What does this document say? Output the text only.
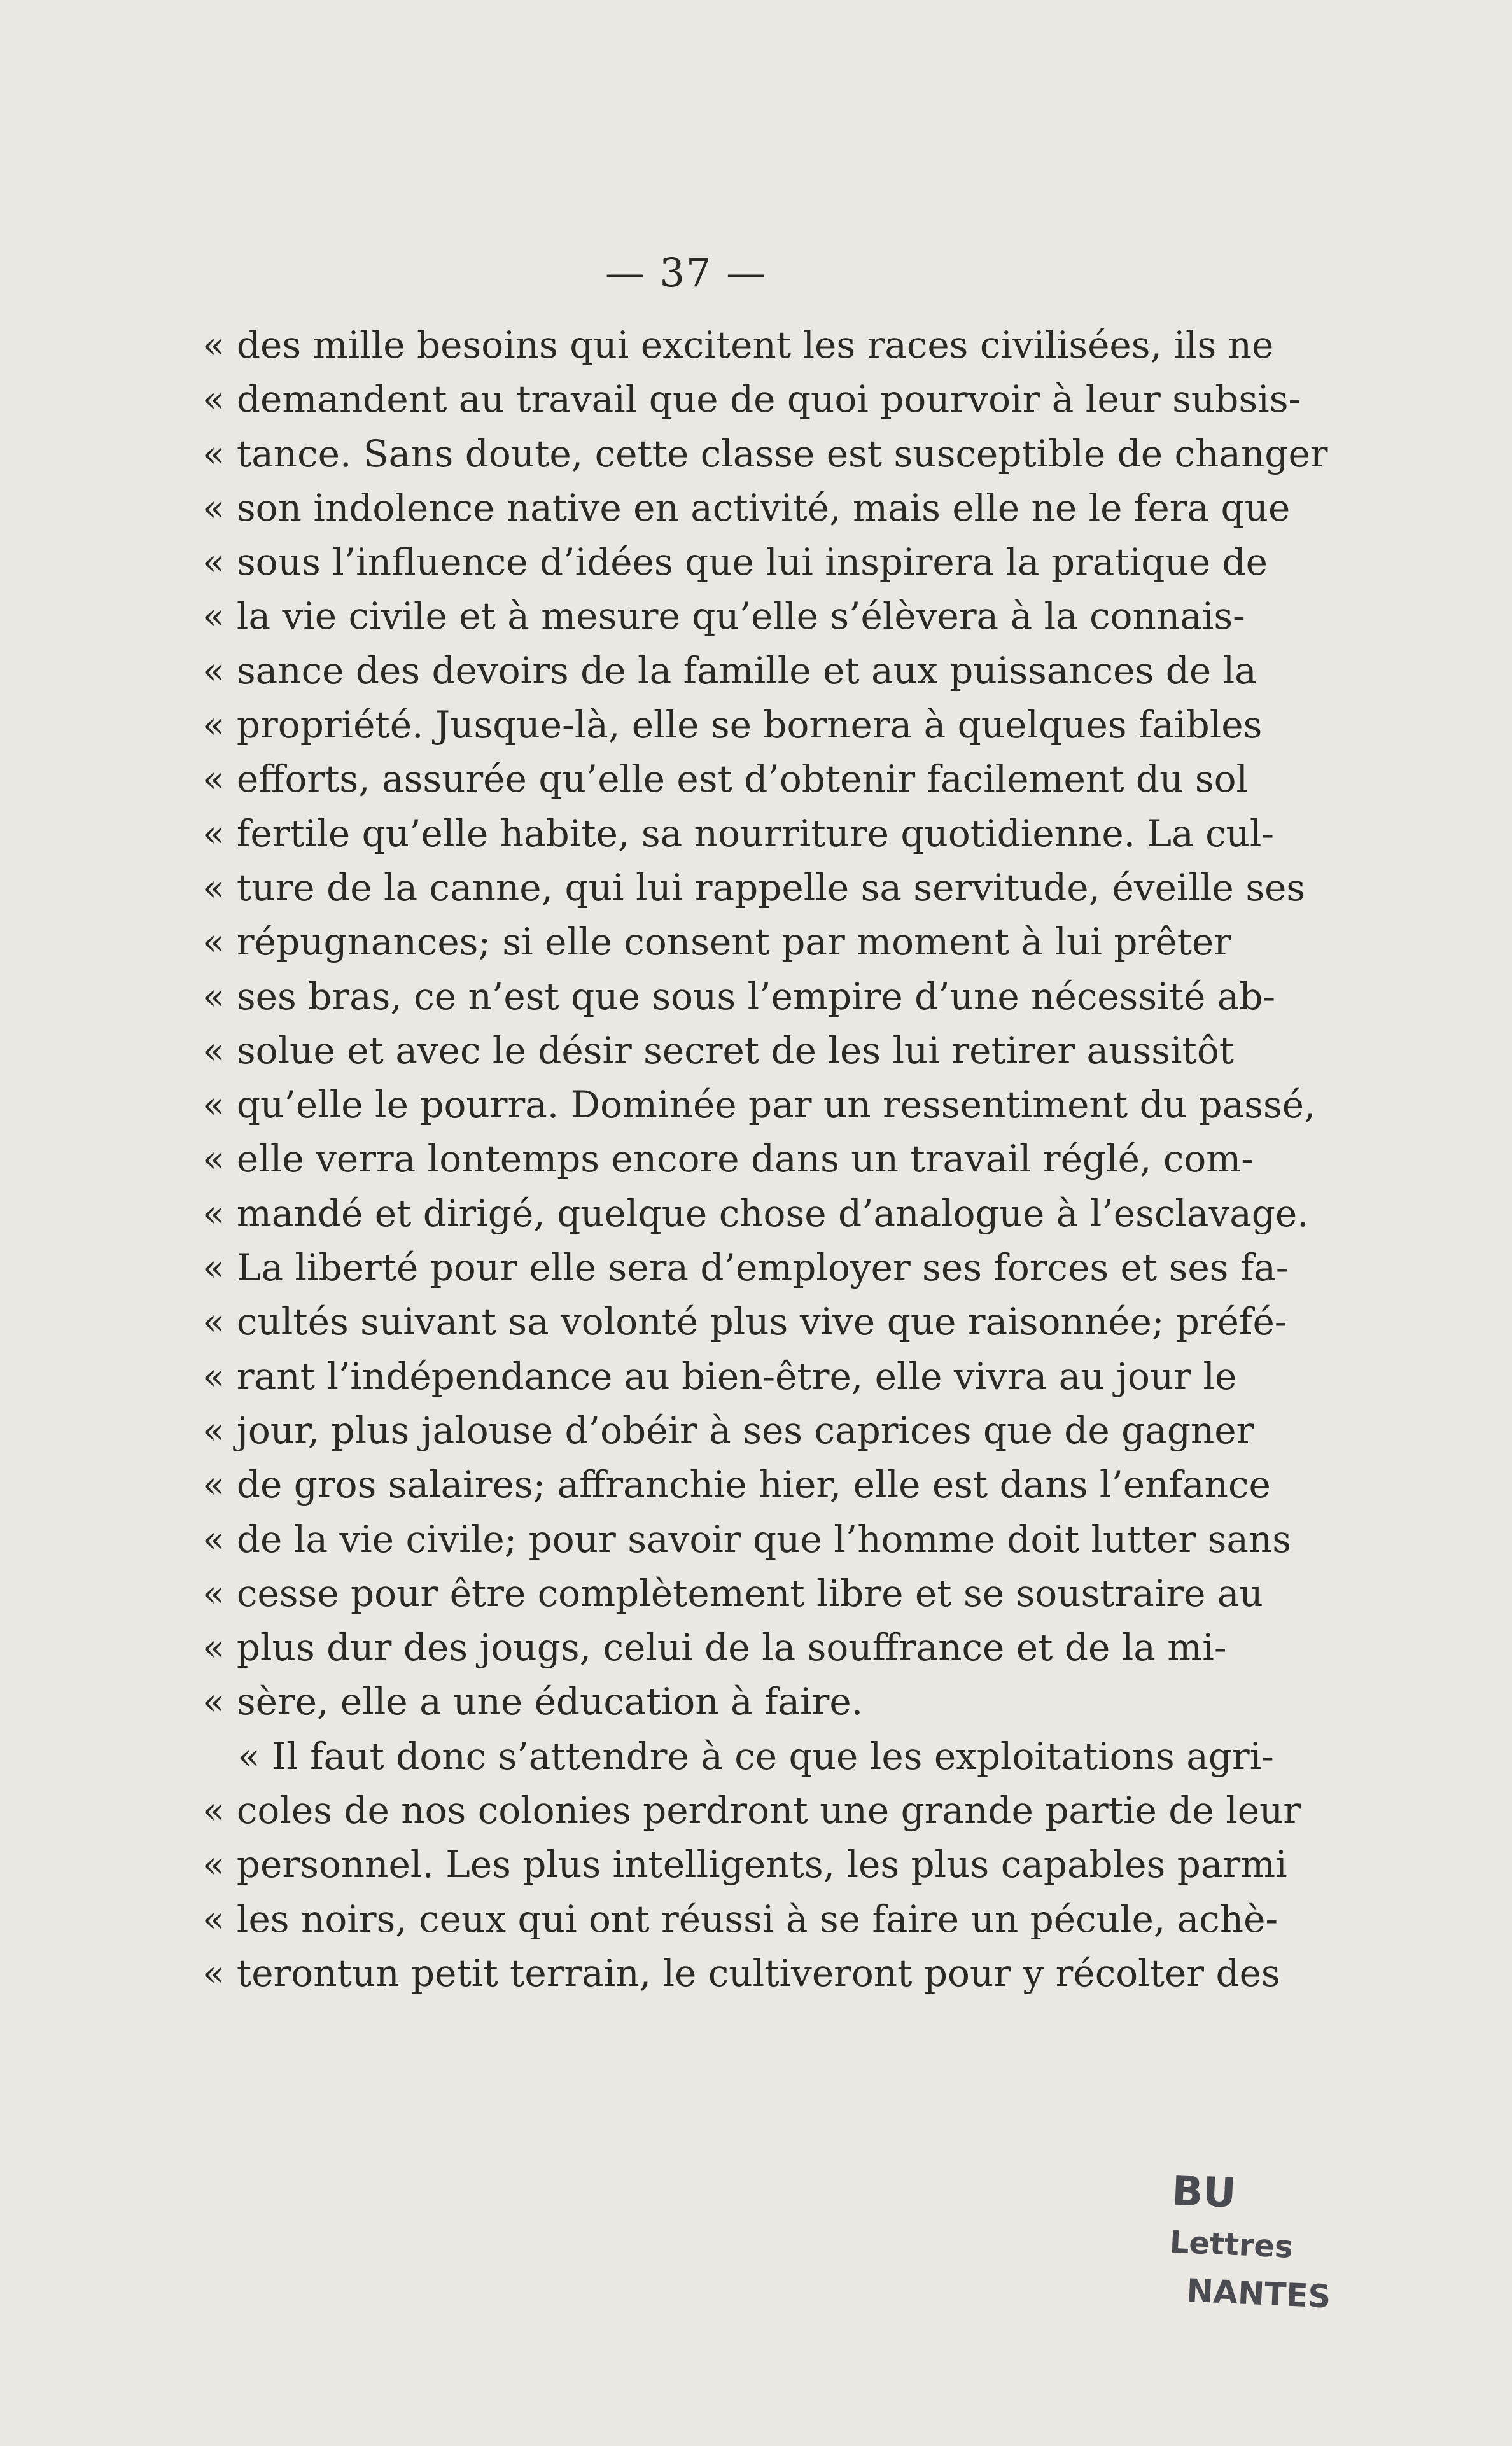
— 37 —
« des mille besoins qui excitent les races civilisées, ils ne
« demandent au travail que de quoi pourvoir à leur subsis-
« tance. Sans doute, cette classe est susceptible de changer
« son indolence native en activité, mais elle ne le fera que
« sous l’influence d’idées que lui inspirera la pratique de
« la vie civile et à mesure qu’elle s’élèvera à la connais-
« sance des devoirs de la famille et aux puissances de la
« propriété. Jusque-là, elle se bornera à quelques faibles
« efforts, assurée qu’elle est d’obtenir facilement du sol
« fertile qu’elle habite, sa nourriture quotidienne. La cul-
« ture de la canne, qui lui rappelle sa servitude, éveille ses
« répugnances; si elle consent par moment à lui prêter
« ses bras, ce n’est que sous l’empire d’une nécessité ab-
« solue et avec le désir secret de les lui retirer aussitôt
« qu’elle le pourra. Dominée par un ressentiment du passé,
« elle verra lontemps encore dans un travail réglé, com-
« mandé et dirigé, quelque chose d’analogue à l’esclavage.
« La liberté pour elle sera d’employer ses forces et ses fa-
« cultés suivant sa volonté plus vive que raisonnée; préfé-
« rant l’indépendance au bien-être, elle vivra au jour le
« jour, plus jalouse d’obéir à ses caprices que de gagner
« de gros salaires; affranchie hier, elle est dans l’enfance
« de la vie civile; pour savoir que l’homme doit lutter sans
« cesse pour être complètement libre et se soustraire au
« plus dur des jougs, celui de la souffrance et de la mi-
« sère, elle a une éducation à faire.
« Il faut donc s’attendre à ce que les exploitations agri-
« coles de nos colonies perdront une grande partie de leur
« personnel. Les plus intelligents, les plus capables parmi
« les noirs, ceux qui ont réussi à se faire un pécule, achè-
« terontun petit terrain, le cultiveront pour y récolter des
BU Lettres
NANTES
